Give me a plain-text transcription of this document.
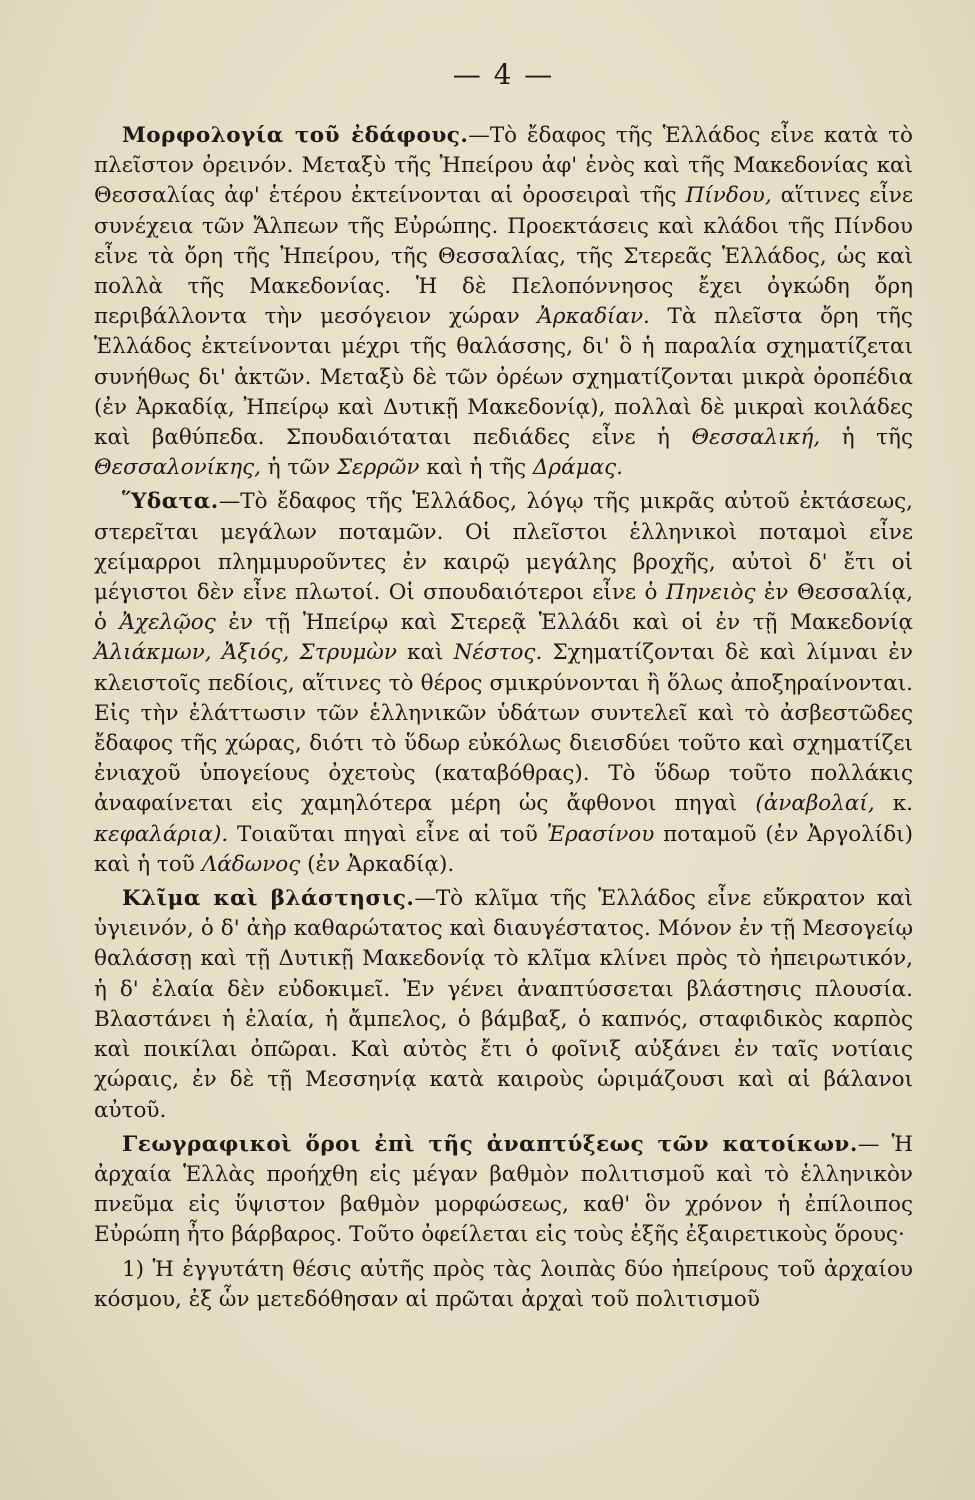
— 4 —

Μορφολογία τοῦ ἐδάφους.—Τὸ ἔδαφος τῆς Ἑλλάδος εἶνε κατὰ τὸ πλεῖστον ὀρεινόν. Μεταξὺ τῆς Ἠπείρου ἀφ' ἑνὸς καὶ τῆς Μακεδονίας καὶ Θεσσαλίας ἀφ' ἑτέρου ἐκτείνονται αἱ ὀροσειραὶ τῆς Πίνδου, αἵτινες εἶνε συνέχεια τῶν Ἄλπεων τῆς Εὐρώπης. Προεκτάσεις καὶ κλάδοι τῆς Πίνδου εἶνε τὰ ὄρη τῆς Ἠπείρου, τῆς Θεσσαλίας, τῆς Στερεᾶς Ἑλλάδος, ὡς καὶ πολλὰ τῆς Μακεδονίας. Ἡ δὲ Πελοπόννησος ἔχει ὀγκώδη ὄρη περιβάλλοντα τὴν μεσόγειον χώραν Ἀρκαδίαν. Τὰ πλεῖστα ὄρη τῆς Ἑλλάδος ἐκτείνονται μέχρι τῆς θαλάσσης, δι' ὃ ἡ παραλία σχηματίζεται συνήθως δι' ἀκτῶν. Μεταξὺ δὲ τῶν ὀρέων σχηματίζονται μικρὰ ὀροπέδια (ἐν Ἀρκαδίᾳ, Ἠπείρῳ καὶ Δυτικῇ Μακεδονίᾳ), πολλαὶ δὲ μικραὶ κοιλάδες καὶ βαθύπεδα. Σπουδαιόταται πεδιάδες εἶνε ἡ Θεσσαλική, ἡ τῆς Θεσσαλονίκης, ἡ τῶν Σερρῶν καὶ ἡ τῆς Δράμας.

Ὕδατα.—Τὸ ἔδαφος τῆς Ἑλλάδος, λόγῳ τῆς μικρᾶς αὐτοῦ ἐκτάσεως, στερεῖται μεγάλων ποταμῶν. Οἱ πλεῖστοι ἑλληνικοὶ ποταμοὶ εἶνε χείμαρροι πλημμυροῦντες ἐν καιρῷ μεγάλης βροχῆς, αὐτοὶ δ' ἔτι οἱ μέγιστοι δὲν εἶνε πλωτοί. Οἱ σπουδαιότεροι εἶνε ὁ Πηνειὸς ἐν Θεσσαλίᾳ, ὁ Ἀχελῷος ἐν τῇ Ἠπείρῳ καὶ Στερεᾷ Ἑλλάδι καὶ οἱ ἐν τῇ Μακεδονίᾳ Ἀλιάκμων, Ἀξιός, Στρυμὼν καὶ Νέστος. Σχηματίζονται δὲ καὶ λίμναι ἐν κλειστοῖς πεδίοις, αἵτινες τὸ θέρος σμικρύνονται ἢ ὅλως ἀποξηραίνονται. Εἰς τὴν ἐλάττωσιν τῶν ἑλληνικῶν ὑδάτων συντελεῖ καὶ τὸ ἀσβεστῶδες ἔδαφος τῆς χώρας, διότι τὸ ὕδωρ εὐκόλως διεισδύει τοῦτο καὶ σχηματίζει ἐνιαχοῦ ὑπογείους ὀχετοὺς (καταβόθρας). Τὸ ὕδωρ τοῦτο πολλάκις ἀναφαίνεται εἰς χαμηλότερα μέρη ὡς ἄφθονοι πηγαὶ (ἀναβολαί, κ. κεφαλάρια). Τοιαῦται πηγαὶ εἶνε αἱ τοῦ Ἐρασίνου ποταμοῦ (ἐν Ἀργολίδι) καὶ ἡ τοῦ Λάδωνος (ἐν Ἀρκαδίᾳ).

Κλῖμα καὶ βλάστησις.—Τὸ κλῖμα τῆς Ἑλλάδος εἶνε εὔκρατον καὶ ὑγιεινόν, ὁ δ' ἀὴρ καθαρώτατος καὶ διαυγέστατος. Μόνον ἐν τῇ Μεσογείῳ θαλάσσῃ καὶ τῇ Δυτικῇ Μακεδονίᾳ τὸ κλῖμα κλίνει πρὸς τὸ ἠπειρωτικόν, ἡ δ' ἐλαία δὲν εὐδοκιμεῖ. Ἐν γένει ἀναπτύσσεται βλάστησις πλουσία. Βλαστάνει ἡ ἐλαία, ἡ ἄμπελος, ὁ βάμβαξ, ὁ καπνός, σταφιδικὸς καρπὸς καὶ ποικίλαι ὀπῶραι. Καὶ αὐτὸς ἔτι ὁ φοῖνιξ αὐξάνει ἐν ταῖς νοτίαις χώραις, ἐν δὲ τῇ Μεσσηνίᾳ κατὰ καιροὺς ὡριμάζουσι καὶ αἱ βάλανοι αὐτοῦ.

Γεωγραφικοὶ ὅροι ἐπὶ τῆς ἀναπτύξεως τῶν κατοίκων.— Ἡ ἀρχαία Ἑλλὰς προήχθη εἰς μέγαν βαθμὸν πολιτισμοῦ καὶ τὸ ἑλληνικὸν πνεῦμα εἰς ὕψιστον βαθμὸν μορφώσεως, καθ' ὃν χρόνον ἡ ἐπίλοιπος Εὐρώπη ἦτο βάρβαρος. Τοῦτο ὀφείλεται εἰς τοὺς ἑξῆς ἐξαιρετικοὺς ὅρους·

1) Ἡ ἐγγυτάτη θέσις αὐτῆς πρὸς τὰς λοιπὰς δύο ἠπείρους τοῦ ἀρχαίου κόσμου, ἐξ ὧν μετεδόθησαν αἱ πρῶται ἀρχαὶ τοῦ πολιτισμοῦ
